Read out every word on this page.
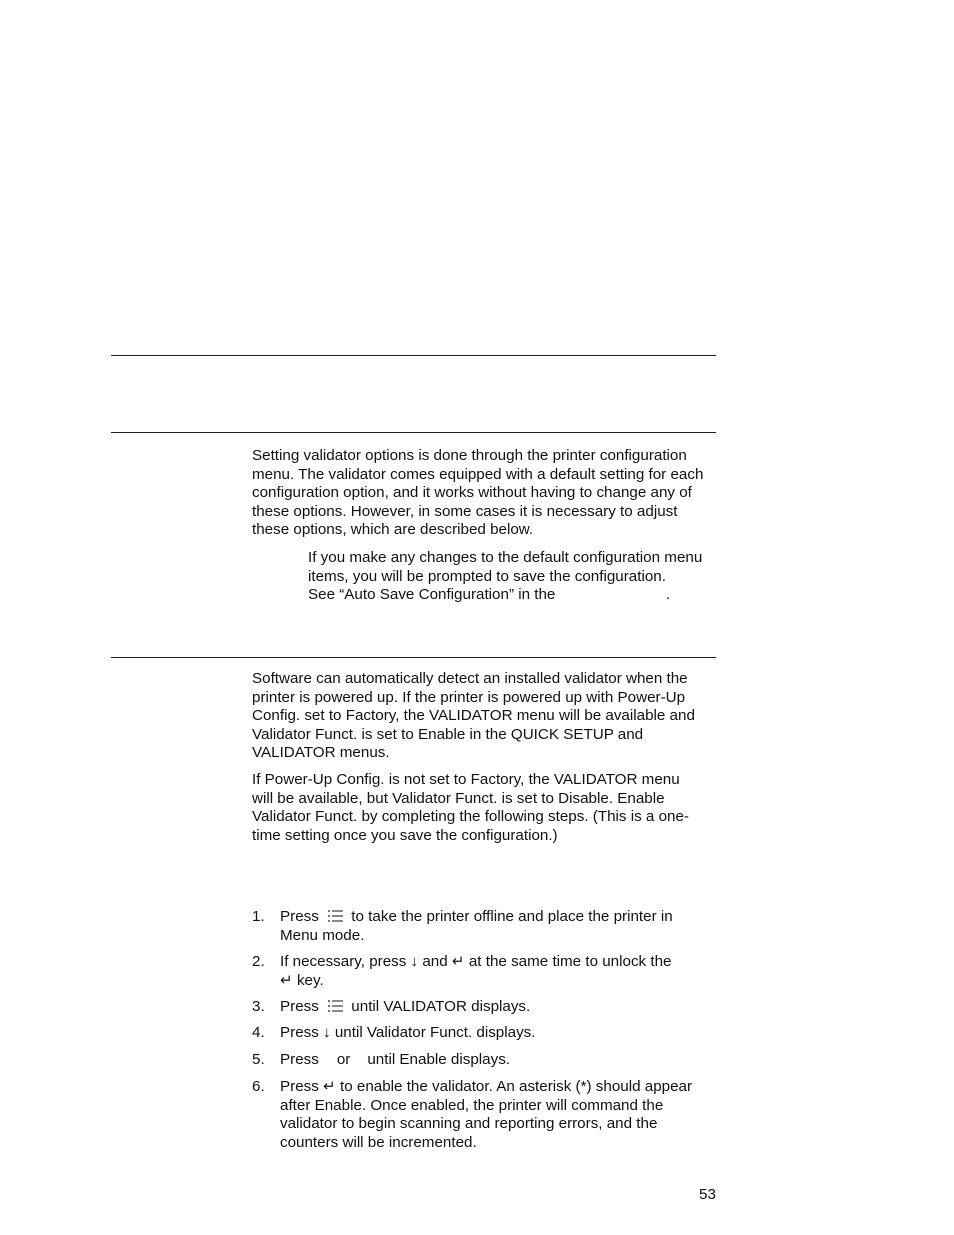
Setting validator options is done through the printer configuration
menu. The validator comes equipped with a default setting for each
configuration option, and it works without having to change any of
these options. However, in some cases it is necessary to adjust
these options, which are described below.
If you make any changes to the default configuration menu
items, you will be prompted to save the configuration.
See “Auto Save Configuration” in the	.
Software can automatically detect an installed validator when the
printer is powered up. If the printer is powered up with Power-Up
Config. set to Factory, the VALIDATOR menu will be available and
Validator Funct. is set to Enable in the QUICK SETUP and
VALIDATOR menus.
If Power-Up Config. is not set to Factory, the VALIDATOR menu
will be available, but Validator Funct. is set to Disable. Enable
Validator Funct. by completing the following steps. (This is a one-
time setting once you save the configuration.)
1. Press to take the printer offline and place the printer in
Menu mode.
2. If necessary, press ↓ and ↵ at the same time to unlock the
↵ key.
3. Press until VALIDATOR displays.
4. Press ↓ until Validator Funct. displays.
5. Press or until Enable displays.
6. Press ↵ to enable the validator. An asterisk (*) should appear
after Enable. Once enabled, the printer will command the
validator to begin scanning and reporting errors, and the
counters will be incremented.
53
